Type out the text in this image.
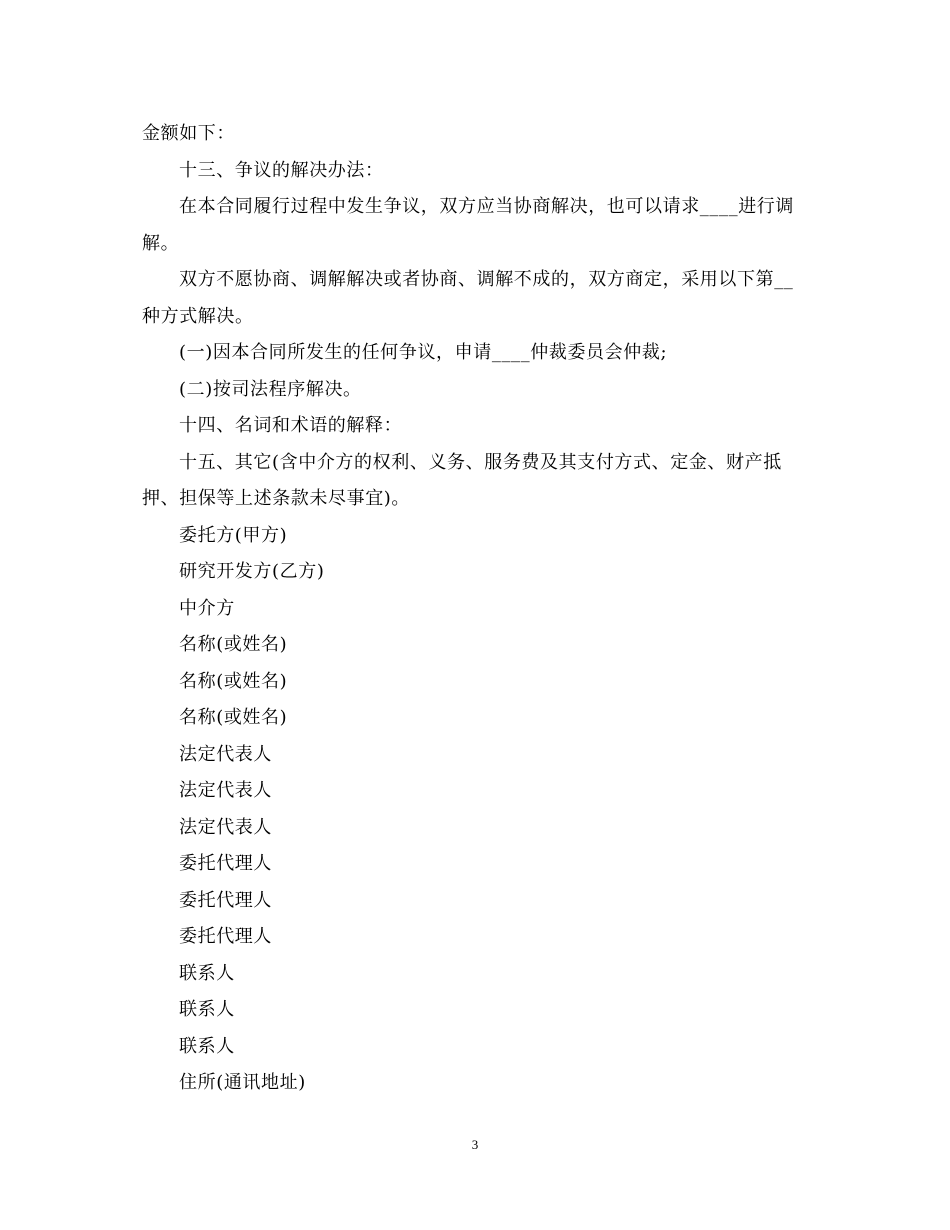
金额如下：
十三、争议的解决办法：
在本合同履行过程中发生争议，双方应当协商解决，也可以请求____进行调
解。
双方不愿协商、调解解决或者协商、调解不成的，双方商定，采用以下第__
种方式解决。
(一)因本合同所发生的任何争议，申请____仲裁委员会仲裁;
(二)按司法程序解决。
十四、名词和术语的解释：
十五、其它(含中介方的权利、义务、服务费及其支付方式、定金、财产抵
押、担保等上述条款未尽事宜)。
委托方(甲方)
研究开发方(乙方)
中介方
名称(或姓名)
名称(或姓名)
名称(或姓名)
法定代表人
法定代表人
法定代表人
委托代理人
委托代理人
委托代理人
联系人
联系人
联系人
住所(通讯地址)
3
